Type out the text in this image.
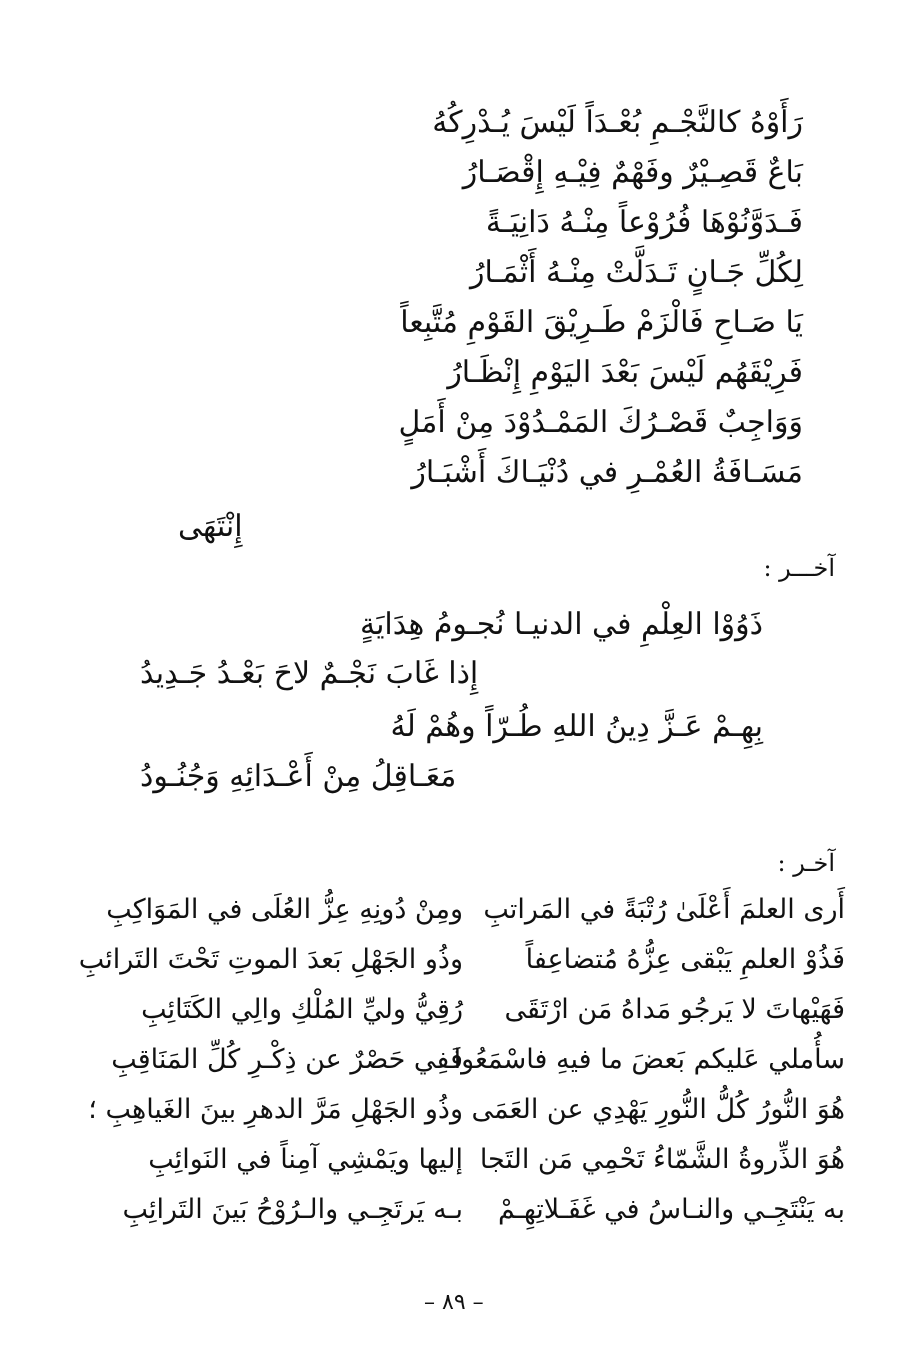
رَأَوْهُ كالنَّجْـمِ بُعْـدَاً لَيْسَ يُـدْرِكُهُ
بَاعٌ قَصِـيْرٌ وفَهْمٌ فِيْـهِ إِقْصَـارُ
فَـدَوَّنُوْهَا فُرُوْعاً مِنْـهُ دَانِيَـةً
لِكُلِّ جَـانٍ تَـدَلَّتْ مِنْـهُ أَثْمَـارُ
يَا صَـاحِ فَالْزَمْ طَـرِيْقَ القَوْمِ مُتَّبِعاً
فَرِيْقَهُم لَيْسَ بَعْدَ اليَوْمِ إِنْظَـارُ
وَوَاجِبٌ قَصْـرُكَ المَمْـدُوْدَ مِنْ أَمَلٍ
مَسَـافَةُ العُمْـرِ في دُنْيَـاكَ أَشْبَـارُ
إِنْتَهَى
آخـــر :
ذَوُوْا العِلْمِ في الدنيـا نُجـومُ هِدَايَةٍ
إِذا غَابَ نَجْـمٌ لاحَ بَعْـدُ جَـدِيدُ
بِهِـمْ عَـزَّ دِينُ اللهِ طُـرّاً وهُمْ لَهُ
مَعَـاقِلُ مِنْ أَعْـدَائِهِ وَجُنُـودُ
آخـر :
أَرى العلمَ أَعْلَىٰ رُتْبَةً في المَراتبِ
فَذُوْ العلمِ يَبْقى عِزُّهُ مُتضاعِفاً
فَهَيْهاتَ لا يَرجُو مَداهُ مَن ارْتَقَى
سأُملي عَليكم بَعضَ ما فيهِ فاسْمَعُوا
هُوَ النُّورُ كُلُّ النُّورِ يَهْدِي عن العَمَى
هُوَ الذِّروةُ الشَّمّاءُ تَحْمِي مَن التَجا
به يَنْتَجِـي والنـاسُ في غَفَـلاتِهِـمْ
ومِنْ دُونِهِ عِزُّ العُلَى في المَوَاكِبِ
وذُو الجَهْلِ بَعدَ الموتِ تَحْتَ التَرائبِ
رُقِيُّ وليِّ المُلْكِ والِي الكَتَائِبِ
فَفِي حَصْرٌ عن ذِكْـرِ كُلِّ المَنَاقِبِ
وذُو الجَهْلِ مَرَّ الدهرِ بينَ الغَياهِبِ ؛
إليها ويَمْشِي آمِناً في النَوائِبِ
بـه يَرتَجِـي والـرُوْحُ بَينَ التَرائِبِ
– ٨٩ –
